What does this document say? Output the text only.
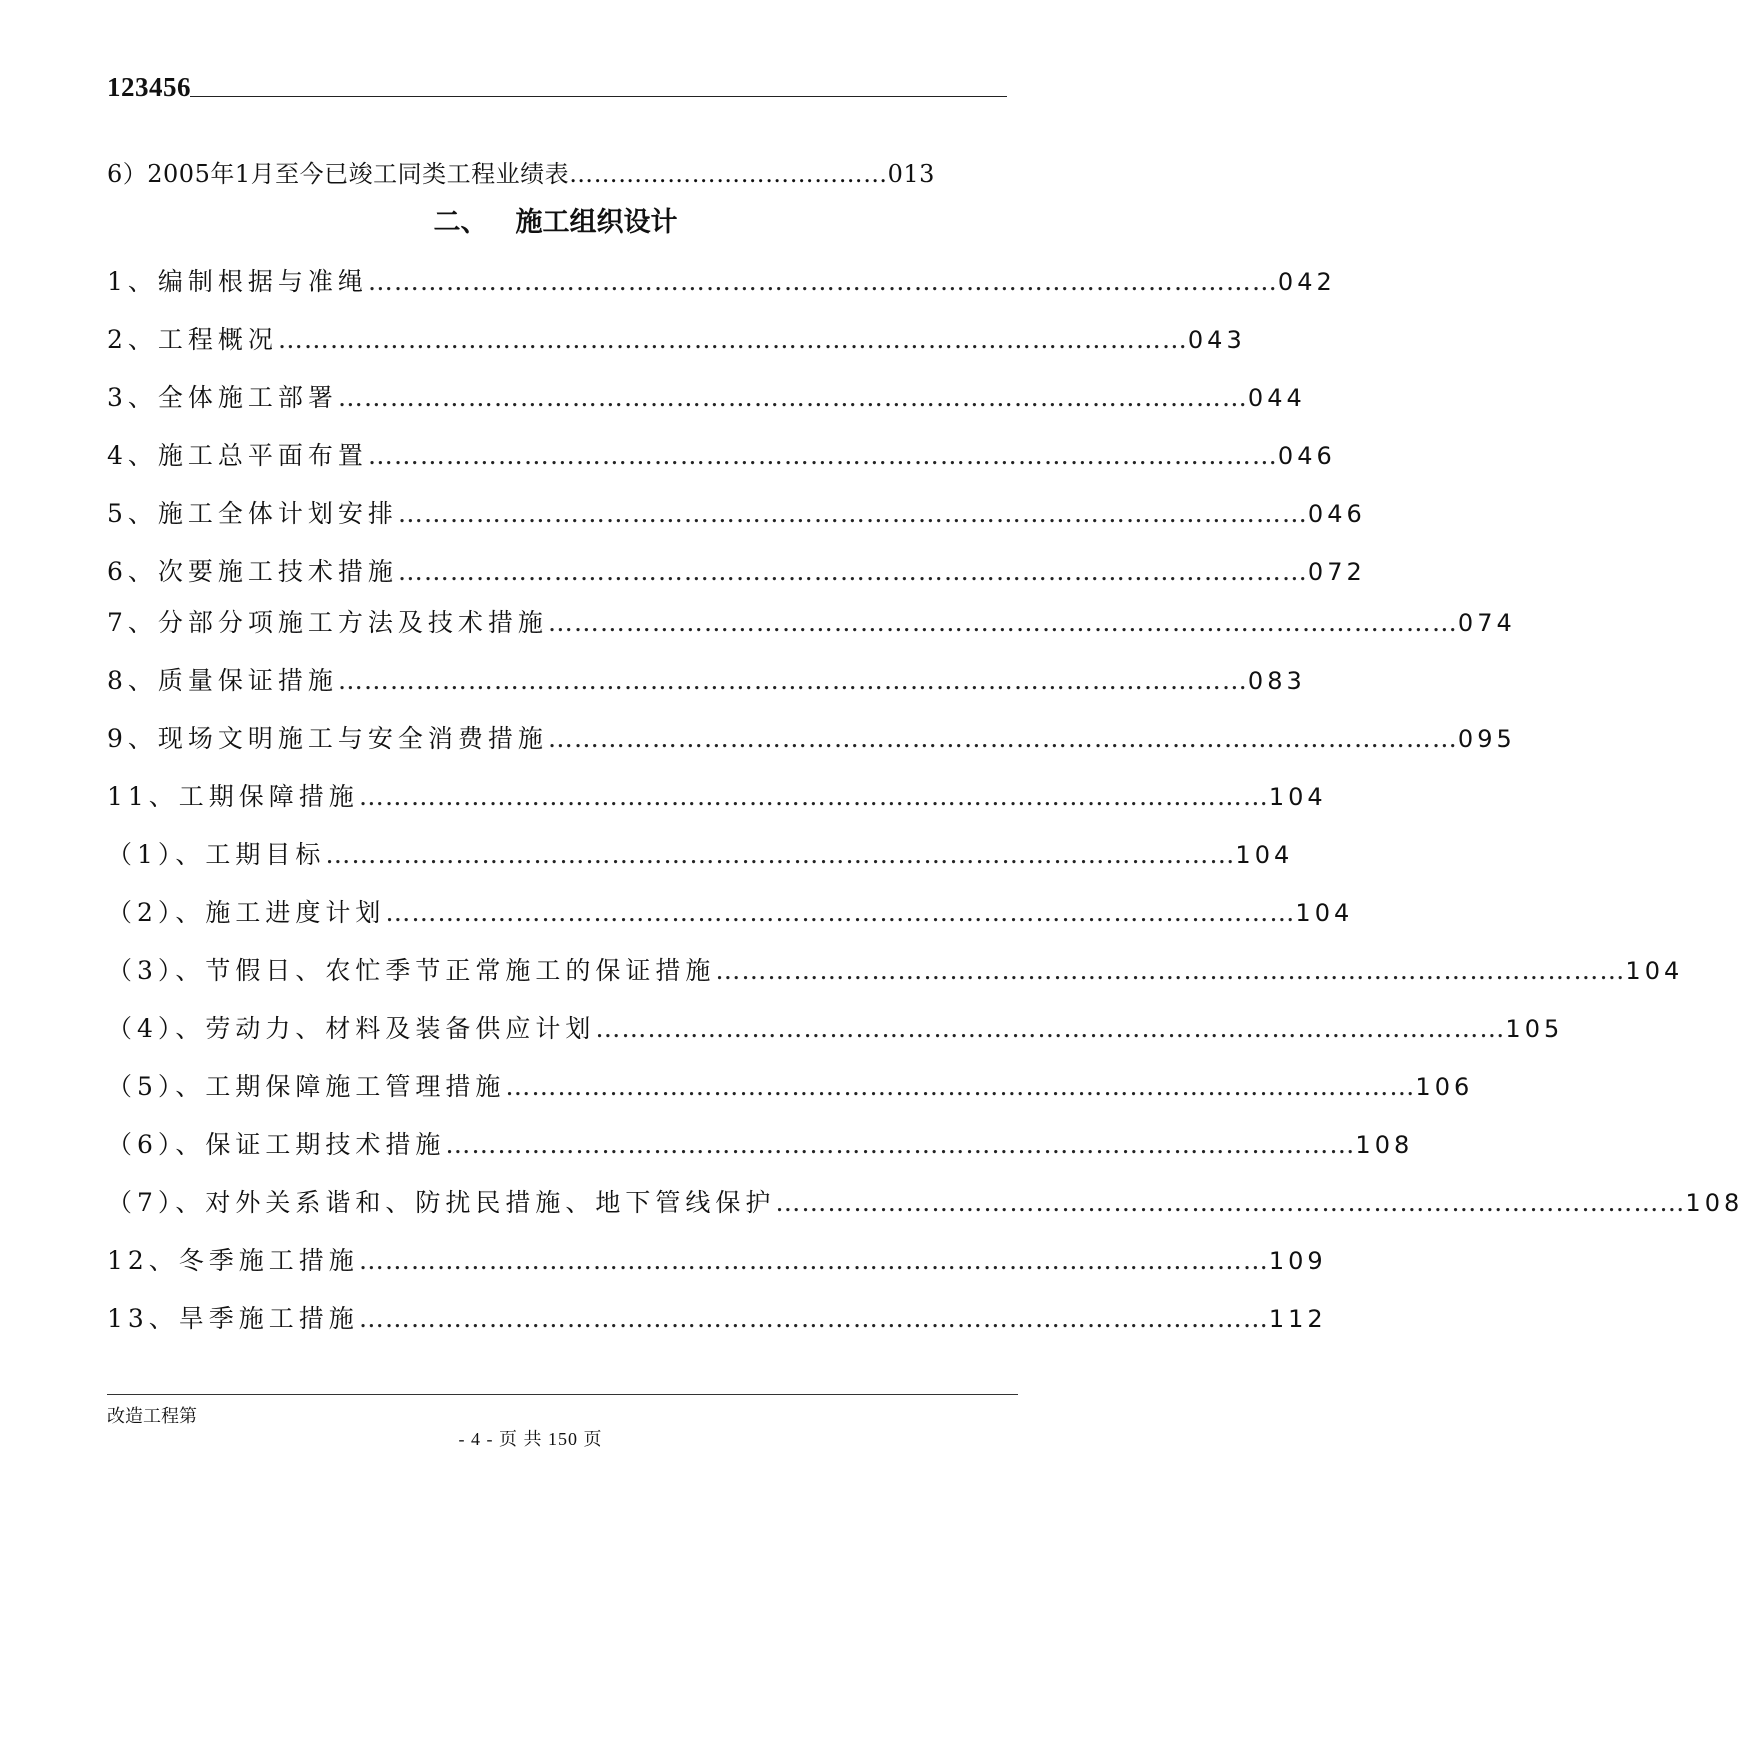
123456
6）2005年1月至今已竣工同类工程业绩表…………………………………013
二、 施工组织设计
1、编制根据与准绳 …………………………………………………………………………………………… 042
2、工程概况 …………………………………………………………………………………………… 043
3、全体施工部署 …………………………………………………………………………………………… 044
4、施工总平面布置 …………………………………………………………………………………………… 046
5、施工全体计划安排 …………………………………………………………………………………………… 046
6、次要施工技术措施 …………………………………………………………………………………………… 072
7、分部分项施工方法及技术措施 …………………………………………………………………………………………… 074
8、质量保证措施 …………………………………………………………………………………………… 083
9、现场文明施工与安全消费措施 …………………………………………………………………………………………… 095
11、工期保障措施 …………………………………………………………………………………………… 104
（1）、工期目标 …………………………………………………………………………………………… 104
（2）、施工进度计划 …………………………………………………………………………………………… 104
（3）、节假日、农忙季节正常施工的保证措施 …………………………………………………………………………………………… 104
（4）、劳动力、材料及装备供应计划 …………………………………………………………………………………………… 105
（5）、工期保障施工管理措施 …………………………………………………………………………………………… 106
（6）、保证工期技术措施 …………………………………………………………………………………………… 108
（7）、对外关系谐和、防扰民措施、地下管线保护 …………………………………………………………………………………………… 108
12、冬季施工措施 …………………………………………………………………………………………… 109
13、旱季施工措施 …………………………………………………………………………………………… 112
改造工程第
- 4 - 页 共 150 页
